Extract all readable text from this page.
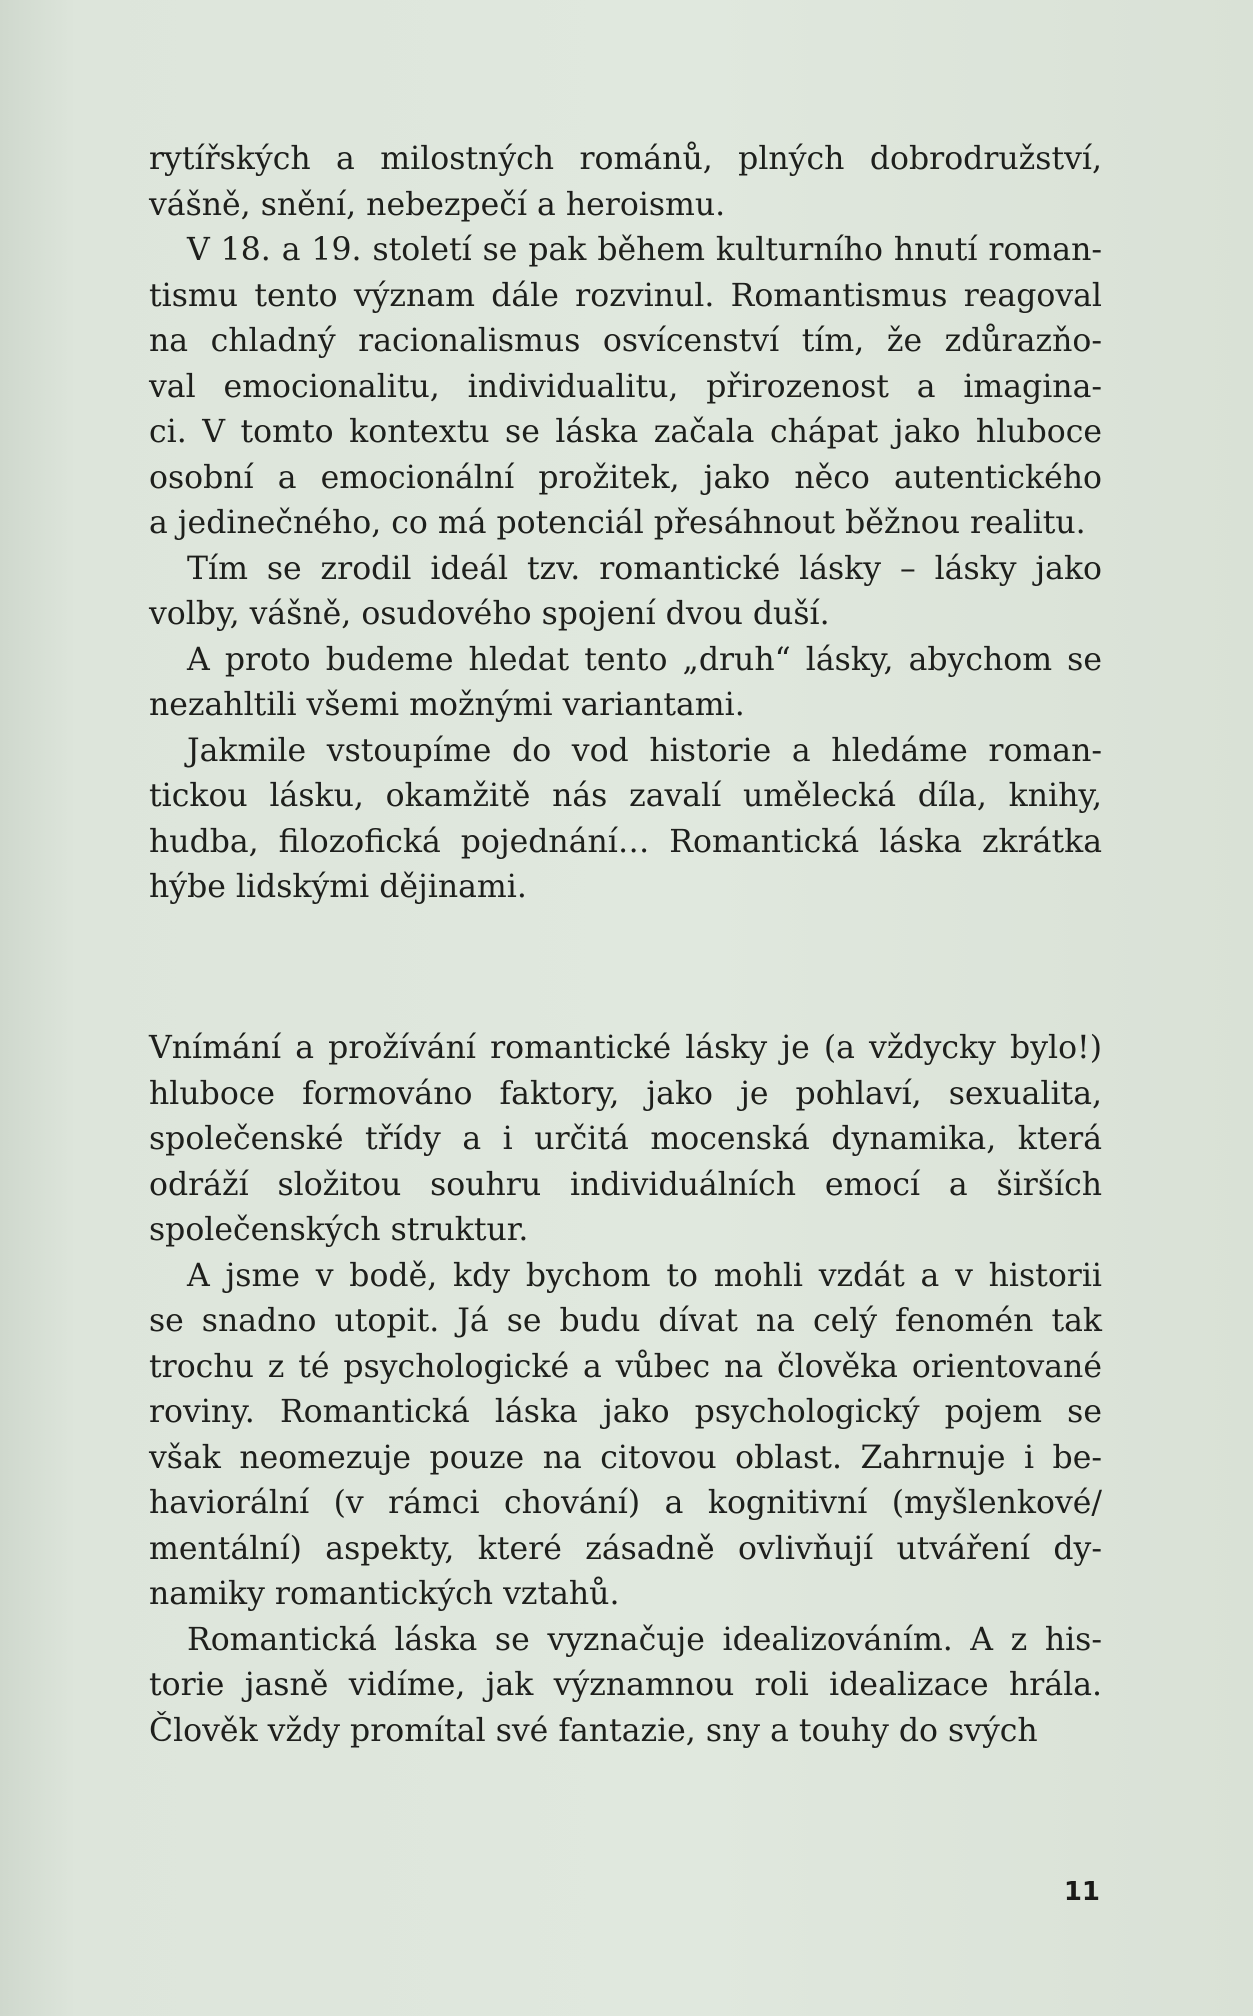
rytířských a milostných románů, plných dobrodružství,
vášně, snění, nebezpečí a heroismu.
V 18. a 19. století se pak během kulturního hnutí roman-
tismu tento význam dále rozvinul. Romantismus reagoval
na chladný racionalismus osvícenství tím, že zdůrazňo-
val emocionalitu, individualitu, přirozenost a imagina-
ci. V tomto kontextu se láska začala chápat jako hluboce
osobní a emocionální prožitek, jako něco autentického
a jedinečného, co má potenciál přesáhnout běžnou realitu.
Tím se zrodil ideál tzv. romantické lásky – lásky jako
volby, vášně, osudového spojení dvou duší.
A proto budeme hledat tento „druh“ lásky, abychom se
nezahltili všemi možnými variantami.
Jakmile vstoupíme do vod historie a hledáme roman-
tickou lásku, okamžitě nás zavalí umělecká díla, knihy,
hudba, filozofická pojednání… Romantická láska zkrátka
hýbe lidskými dějinami.
Vnímání a prožívání romantické lásky je (a vždycky bylo!)
hluboce formováno faktory, jako je pohlaví, sexualita,
společenské třídy a i určitá mocenská dynamika, která
odráží složitou souhru individuálních emocí a širších
společenských struktur.
A jsme v bodě, kdy bychom to mohli vzdát a v historii
se snadno utopit. Já se budu dívat na celý fenomén tak
trochu z té psychologické a vůbec na člověka orientované
roviny. Romantická láska jako psychologický pojem se
však neomezuje pouze na citovou oblast. Zahrnuje i be-
haviorální (v rámci chování) a kognitivní (myšlenkové/
mentální) aspekty, které zásadně ovlivňují utváření dy-
namiky romantických vztahů.
Romantická láska se vyznačuje idealizováním. A z his-
torie jasně vidíme, jak významnou roli idealizace hrála.
Člověk vždy promítal své fantazie, sny a touhy do svých
11
